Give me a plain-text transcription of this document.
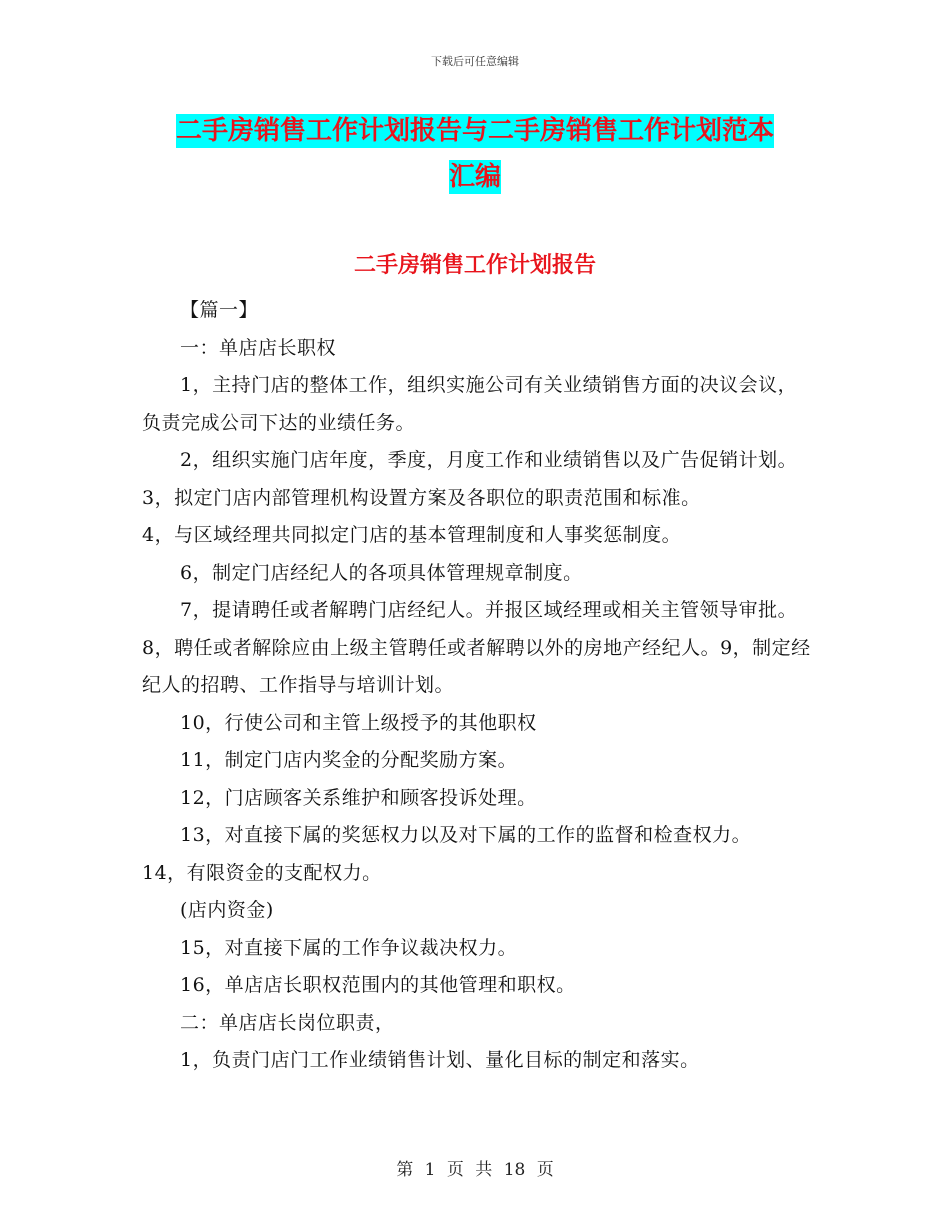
下载后可任意编辑
二手房销售工作计划报告与二手房销售工作计划范本
汇编
二手房销售工作计划报告

【篇一】

一：单店店长职权

1，主持门店的整体工作，组织实施公司有关业绩销售方面的决议会议，负责完成公司下达的业绩任务。

2，组织实施门店年度，季度，月度工作和业绩销售以及广告促销计划。3，拟定门店内部管理机构设置方案及各职位的职责范围和标准。

4，与区域经理共同拟定门店的基本管理制度和人事奖惩制度。

6，制定门店经纪人的各项具体管理规章制度。

7，提请聘任或者解聘门店经纪人。并报区域经理或相关主管领导审批。8，聘任或者解除应由上级主管聘任或者解聘以外的房地产经纪人。9，制定经纪人的招聘、工作指导与培训计划。

10，行使公司和主管上级授予的其他职权

11，制定门店内奖金的分配奖励方案。

12，门店顾客关系维护和顾客投诉处理。

13，对直接下属的奖惩权力以及对下属的工作的监督和检查权力。

14，有限资金的支配权力。

(店内资金)

15，对直接下属的工作争议裁决权力。

16，单店店长职权范围内的其他管理和职权。

二：单店店长岗位职责，

1，负责门店门工作业绩销售计划、量化目标的制定和落实。

第 1 页 共 18 页
